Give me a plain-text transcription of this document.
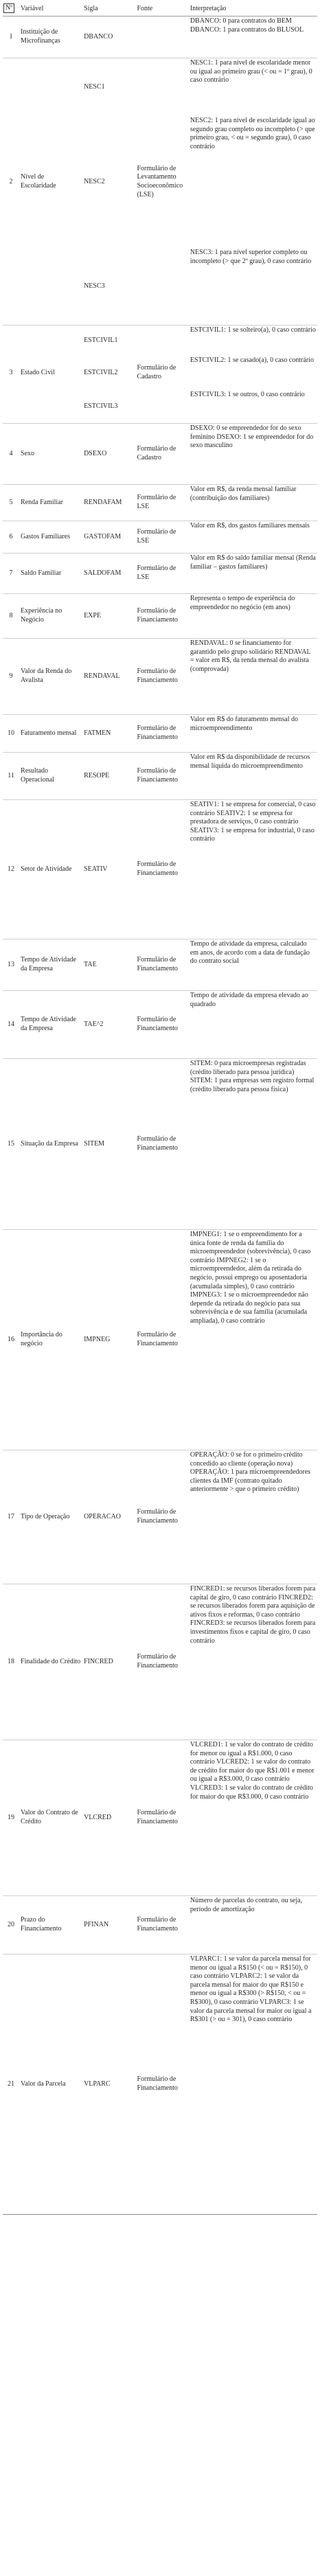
Nº	Variável	Sigla	Fonte	Interpretação
1	Instituição de Microfinanças	DBANCO		DBANCO: 0 para contratos do BEM DBANCO: 1 para contratos do BLUSOL
		NESC1		NESC1: 1 para nível de escolaridade menor ou igual ao primeiro grau (< ou = 1º grau), 0 caso contrário
2	Nível de Escolaridade	NESC2	Formulário de Levantamento Socioeconômico (LSE)	NESC2: 1 para nível de escolaridade igual ao segundo grau completo ou incompleto (> que primeiro grau, < ou = segundo grau), 0 caso contrário
		NESC3		NESC3: 1 para nível superior completo ou incompleto (> que 2º grau), 0 caso contrário
		ESTCIVIL1		ESTCIVIL1: 1 se solteiro(a), 0 caso contrário
3	Estado Civil	ESTCIVIL2	Formulário de Cadastro	ESTCIVIL2: 1 se casado(a), 0 caso contrário
		ESTCIVIL3		ESTCIVIL3: 1 se outros, 0 caso contrário
4	Sexo	DSEXO	Formulário de Cadastro	DSEXO: 0 se empreendedor for do sexo feminino DSEXO: 1 se empreendedor for do sexo masculino
5	Renda Familiar	RENDAFAM	Formulário de LSE	Valor em R$, da renda mensal familiar (contribuição dos familiares)
6	Gastos Familiares	GASTOFAM	Formulário de LSE	Valor em R$, dos gastos familiares mensais
7	Saldo Familiar	SALDOFAM	Formulário de LSE	Valor em R$ do saldo familiar mensal (Renda familiar – gastos familiares)
8	Experiência no Negócio	EXPE	Formulário de Financiamento	Representa o tempo de experiência do empreendedor no negócio (em anos)
9	Valor da Renda do Avalista	RENDAVAL	Formulário de Financiamento	RENDAVAL: 0 se financiamento for garantido pelo grupo solidário RENDAVAL = valor em R$, da renda mensal do avalista (comprovada)
10	Faturamento mensal	FATMEN	Formulário de Financiamento	Valor em R$ do faturamento mensal do microempreendimento
11	Resultado Operacional	RESOPE	Formulário de Financiamento	Valor em R$ da disponibilidade de recursos mensal líquida do microempreendimento
12	Setor de Atividade	SEATIV	Formulário de Financiamento	SEATIV1: 1 se empresa for comercial, 0 caso contrário SEATIV2: 1 se empresa for prestadora de serviços, 0 caso contrário SEATIV3: 1 se empresa for industrial, 0 caso contrário
13	Tempo de Atividade da Empresa	TAE	Formulário de Financiamento	Tempo de atividade da empresa, calculado em anos, de acordo com a data de fundação do contrato social
14	Tempo de Atividade da Empresa	TAE^2	Formulário de Financiamento	Tempo de atividade da empresa elevado ao quadrado
15	Situação da Empresa	SITEM	Formulário de Financiamento	SITEM: 0 para microempresas registradas (crédito liberado para pessoa jurídica) SITEM: 1 para empresas sem registro formal (crédito liberado para pessoa física)
16	Importância do negócio	IMPNEG	Formulário de Financiamento	IMPNEG1: 1 se o empreendimento for a única fonte de renda da família do microempreendedor (sobrevivência), 0 caso contrário IMPNEG2: 1 se o microempreendedor, além da retirada do negócio, possui emprego ou aposentadoria (acumulada simples), 0 caso contrário IMPNEG3: 1 se o microempreendedor não depende da retirada do negócio para sua sobrevivência e de sua família (acumulada ampliada), 0 caso contrário
17	Tipo de Operação	OPERACAO	Formulário de Financiamento	OPERAÇÃO: 0 se for o primeiro crédito concedido ao cliente (operação nova) OPERAÇÃO: 1 para microempreendedores clientes da IMF (contrato quitado anteriormente > que o primeiro crédito)
18	Finalidade do Crédito	FINCRED	Formulário de Financiamento	FINCRED1: se recursos liberados forem para capital de giro, 0 caso contrário FINCRED2: se recursos liberados forem para aquisição de ativos fixos e reformas, 0 caso contrário FINCRED3: se recursos liberados forem para investimentos fixos e capital de giro, 0 caso contrário
19	Valor do Contrato de Crédito	VLCRED	Formulário de Financiamento	VLCRED1: 1 se valor do contrato de crédito for menor ou igual a R$1.000, 0 caso contrário VLCRED2: 1 se valor do contrato de crédito for maior do que R$1.001 e menor ou igual a R$3.000, 0 caso contrário VLCRED3: 1 se valor do contrato de crédito for maior do que R$3.000, 0 caso contrário
20	Prazo do Financiamento	PFINAN	Formulário de Financiamento	Número de parcelas do contrato, ou seja, período de amortização
21	Valor da Parcela	VLPARC	Formulário de Financiamento	VLPARC1: 1 se valor da parcela mensal for menor ou igual a R$150 (< ou = R$150), 0 caso contrário VLPARC2: 1 se valor da parcela mensal for maior do que R$150 e menor ou igual a R$300 (> R$150, < ou = R$300), 0 caso contrário VLPARC3: 1 se valor da parcela mensal for maior ou igual a R$301 (> ou = 301), 0 caso contrário
